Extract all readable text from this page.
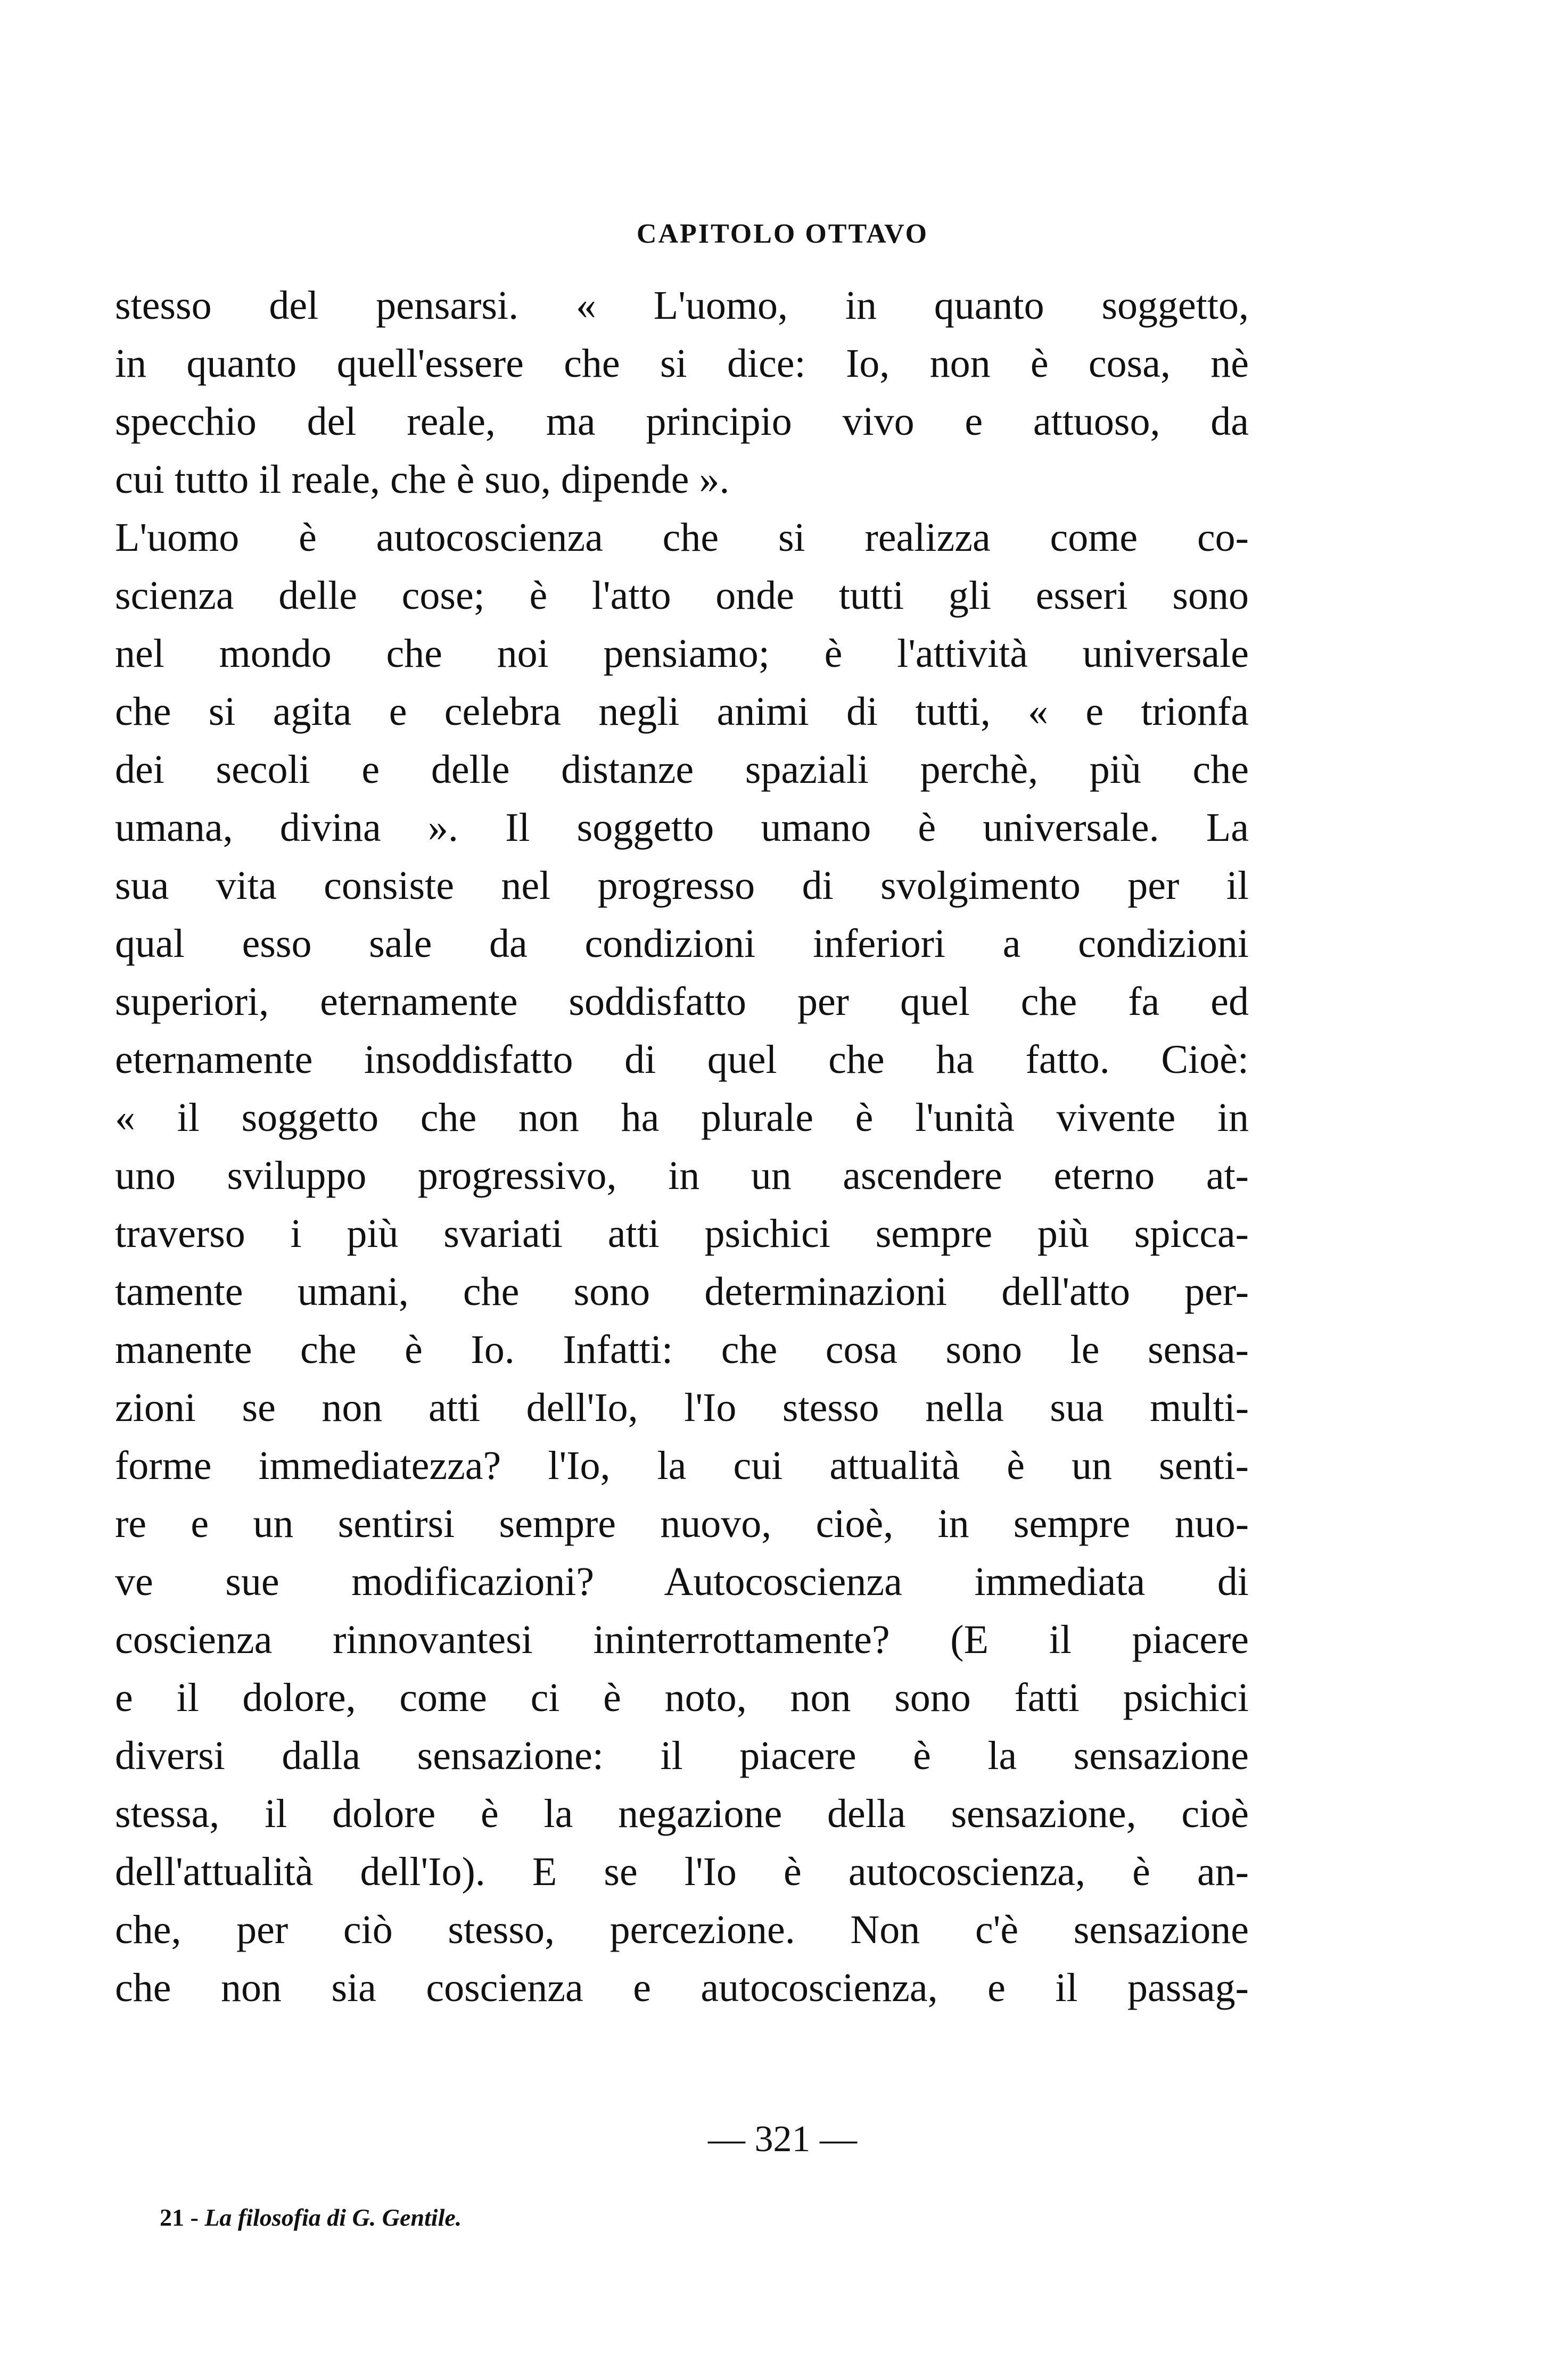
CAPITOLO OTTAVO
stesso del pensarsi. « L'uomo, in quanto soggetto,
in quanto quell'essere che si dice: Io, non è cosa, nè
specchio del reale, ma principio vivo e attuoso, da
cui tutto il reale, che è suo, dipende ».
L'uomo è autocoscienza che si realizza come co-
scienza delle cose; è l'atto onde tutti gli esseri sono
nel mondo che noi pensiamo; è l'attività universale
che si agita e celebra negli animi di tutti, « e trionfa
dei secoli e delle distanze spaziali perchè, più che
umana, divina ». Il soggetto umano è universale. La
sua vita consiste nel progresso di svolgimento per il
qual esso sale da condizioni inferiori a condizioni
superiori, eternamente soddisfatto per quel che fa ed
eternamente insoddisfatto di quel che ha fatto. Cioè:
« il soggetto che non ha plurale è l'unità vivente in
uno sviluppo progressivo, in un ascendere eterno at-
traverso i più svariati atti psichici sempre più spicca-
tamente umani, che sono determinazioni dell'atto per-
manente che è Io. Infatti: che cosa sono le sensa-
zioni se non atti dell'Io, l'Io stesso nella sua multi-
forme immediatezza? l'Io, la cui attualità è un senti-
re e un sentirsi sempre nuovo, cioè, in sempre nuo-
ve sue modificazioni? Autocoscienza immediata di
coscienza rinnovantesi ininterrottamente? (E il piacere
e il dolore, come ci è noto, non sono fatti psichici
diversi dalla sensazione: il piacere è la sensazione
stessa, il dolore è la negazione della sensazione, cioè
dell'attualità dell'Io). E se l'Io è autocoscienza, è an-
che, per ciò stesso, percezione. Non c'è sensazione
che non sia coscienza e autocoscienza, e il passag-
— 321 —
21 - La filosofia di G. Gentile.
